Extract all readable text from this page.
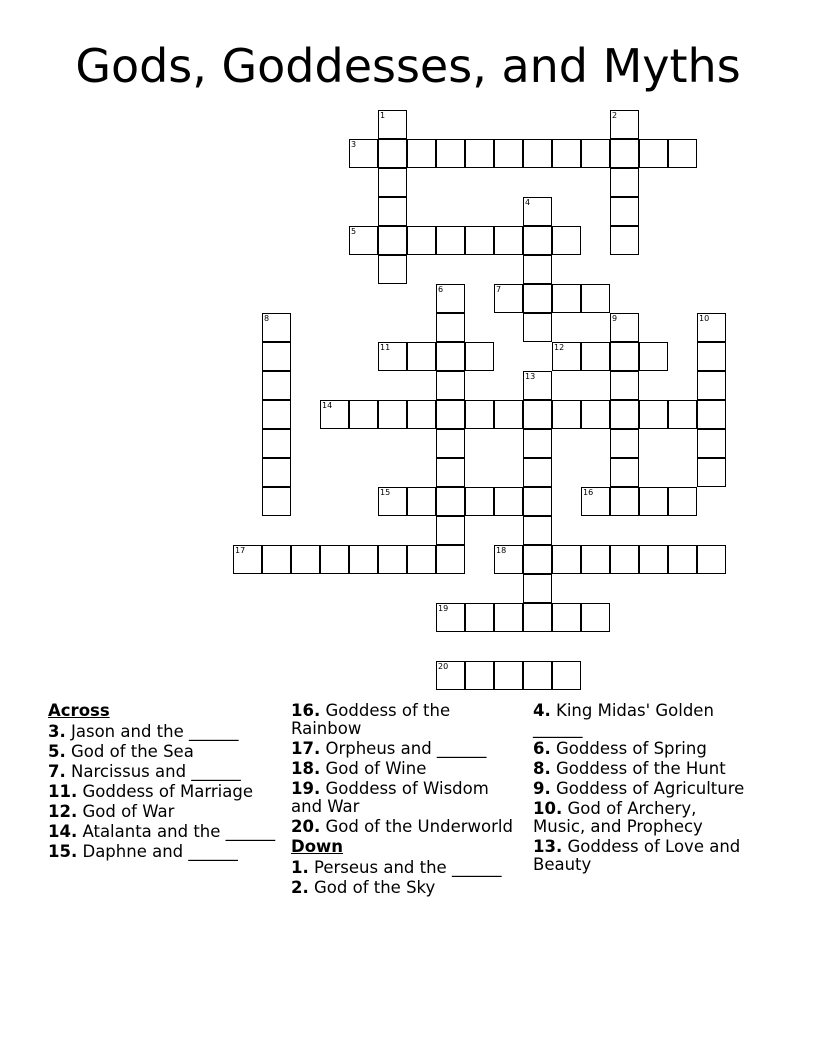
Gods, Goddesses, and Myths
1	2
3
4
5
6	7
8	9	10
11	12
13
14
15	16
17	18
19
20
Across
3. Jason and the ______
5. God of the Sea
7. Narcissus and ______
11. Goddess of Marriage
12. God of War
14. Atalanta and the ______
15. Daphne and ______
16. Goddess of the Rainbow
17. Orpheus and ______
18. God of Wine
19. Goddess of Wisdom and War
20. God of the Underworld
Down
1. Perseus and the ______
2. God of the Sky
4. King Midas' Golden ______
6. Goddess of Spring
8. Goddess of the Hunt
9. Goddess of Agriculture
10. God of Archery, Music, and Prophecy
13. Goddess of Love and Beauty
